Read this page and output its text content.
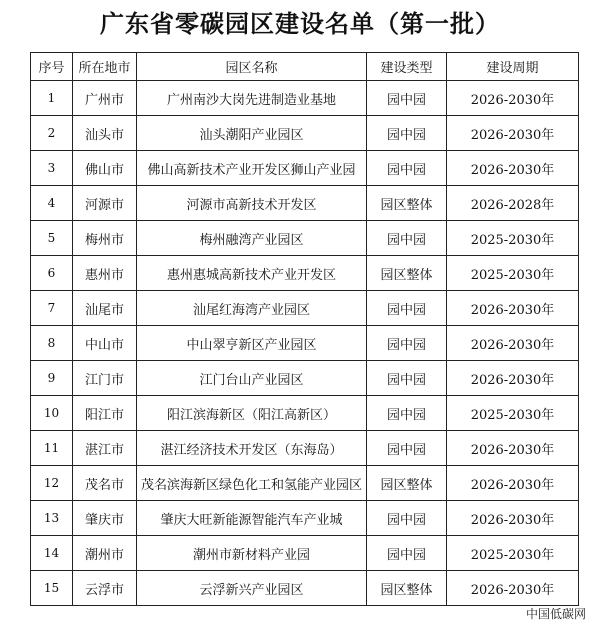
广东省零碳园区建设名单（第一批）
序号	所在地市	园区名称	建设类型	建设周期
1	广州市	广州南沙大岗先进制造业基地	园中园	2026-2030年
2	汕头市	汕头潮阳产业园区	园中园	2026-2030年
3	佛山市	佛山高新技术产业开发区狮山产业园	园中园	2026-2030年
4	河源市	河源市高新技术开发区	园区整体	2026-2028年
5	梅州市	梅州融湾产业园区	园中园	2025-2030年
6	惠州市	惠州惠城高新技术产业开发区	园区整体	2025-2030年
7	汕尾市	汕尾红海湾产业园区	园中园	2026-2030年
8	中山市	中山翠亨新区产业园区	园中园	2026-2030年
9	江门市	江门台山产业园区	园中园	2026-2030年
10	阳江市	阳江滨海新区（阳江高新区）	园中园	2025-2030年
11	湛江市	湛江经济技术开发区（东海岛）	园中园	2026-2030年
12	茂名市	茂名滨海新区绿色化工和氢能产业园区	园区整体	2026-2030年
13	肇庆市	肇庆大旺新能源智能汽车产业城	园中园	2026-2030年
14	潮州市	潮州市新材料产业园	园中园	2025-2030年
15	云浮市	云浮新兴产业园区	园区整体	2026-2030年
中国低碳网
